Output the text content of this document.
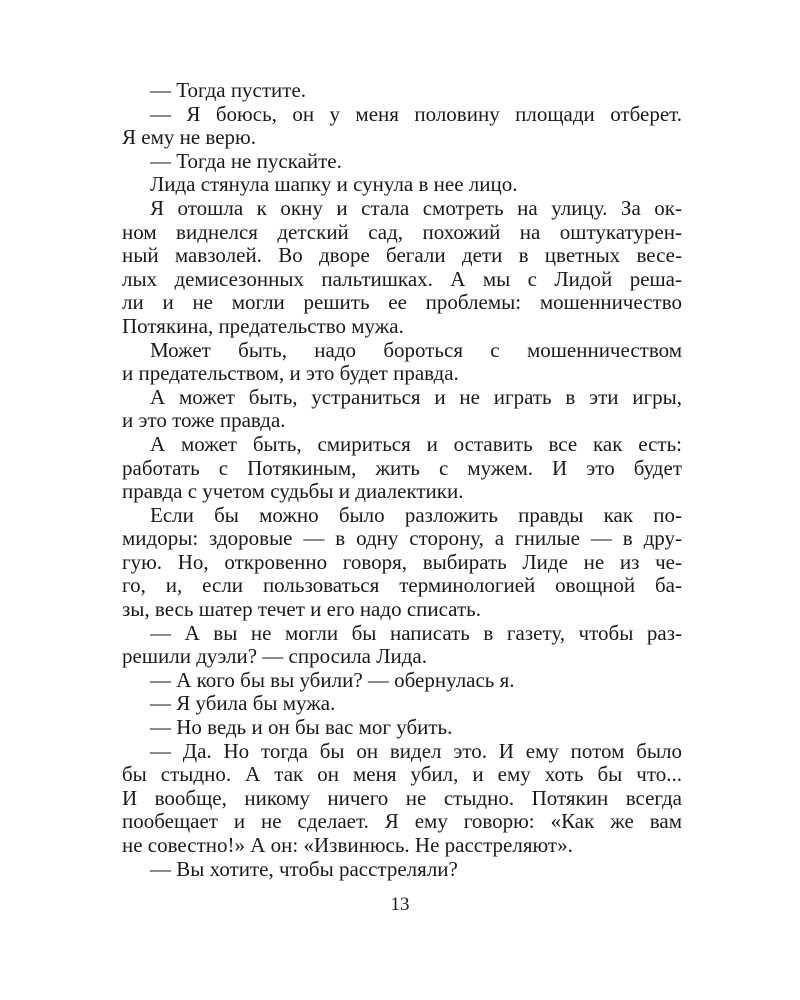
— Тогда пустите.
— Я боюсь, он у меня половину площади отберет.
Я ему не верю.
— Тогда не пускайте.
Лида стянула шапку и сунула в нее лицо.
Я отошла к окну и стала смотреть на улицу. За ок-
ном виднелся детский сад, похожий на оштукатурен-
ный мавзолей. Во дворе бегали дети в цветных весе-
лых демисезонных пальтишках. А мы с Лидой реша-
ли и не могли решить ее проблемы: мошенничество
Потякина, предательство мужа.
Может быть, надо бороться с мошенничеством
и предательством, и это будет правда.
А может быть, устраниться и не играть в эти игры,
и это тоже правда.
А может быть, смириться и оставить все как есть:
работать с Потякиным, жить с мужем. И это будет
правда с учетом судьбы и диалектики.
Если бы можно было разложить правды как по-
мидоры: здоровые — в одну сторону, а гнилые — в дру-
гую. Но, откровенно говоря, выбирать Лиде не из че-
го, и, если пользоваться терминологией овощной ба-
зы, весь шатер течет и его надо списать.
— А вы не могли бы написать в газету, чтобы раз-
решили дуэли? — спросила Лида.
— А кого бы вы убили? — обернулась я.
— Я убила бы мужа.
— Но ведь и он бы вас мог убить.
— Да. Но тогда бы он видел это. И ему потом было
бы стыдно. А так он меня убил, и ему хоть бы что...
И вообще, никому ничего не стыдно. Потякин всегда
пообещает и не сделает. Я ему говорю: «Как же вам
не совестно!» А он: «Извинюсь. Не расстреляют».
— Вы хотите, чтобы расстреляли?
13
